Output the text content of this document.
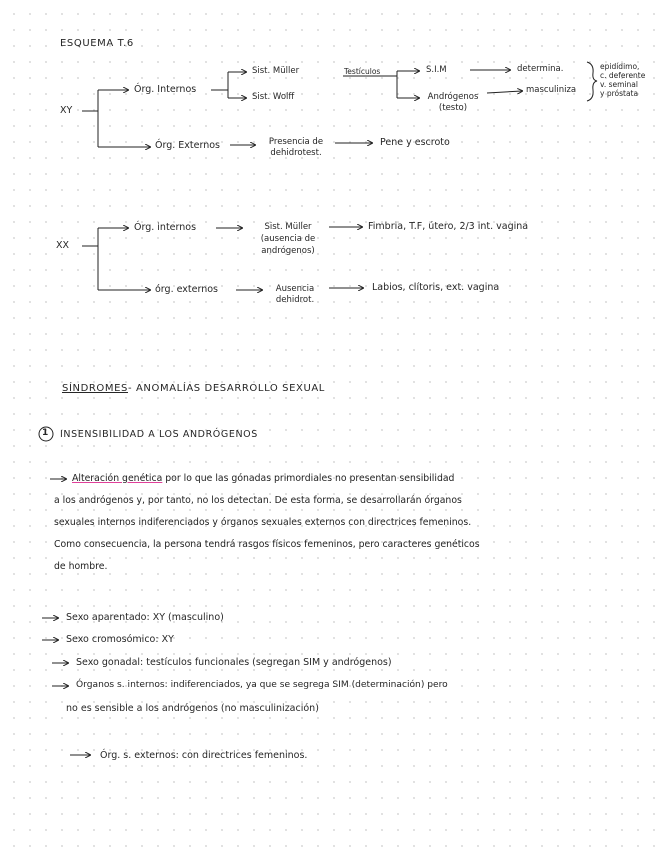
ESQUEMA T.6
XY
Órg. Internos
Sist. Müller
Sist. Wolff
Testículos	S.I.M	determina.
Andrógenos
(testo)
masculiniza
epidídimo,
c. deferente
v. seminal
y próstata
Órg. Externos	Presencia de
dehidrotest.
Pene y escroto
XX
Órg. internos	Sist. Müller
(ausencia de
andrógenos)
Fimbria, T.F, útero, 2/3 int. vagina
órg. externos	Ausencia
dehidrot.
Labios, clítoris, ext. vagina
SÍNDROMES- ANOMALÍAS DESARROLLO SEXUAL
1 INSENSIBILIDAD A LOS ANDRÓGENOS
Alteración genética por lo que las gónadas primordiales no presentan sensibilidad
a los andrógenos y, por tanto, no los detectan. De esta forma, se desarrollarán órganos
sexuales internos indiferenciados y órganos sexuales externos con directrices femeninos.
Como consecuencia, la persona tendrá rasgos físicos femeninos, pero caracteres genéticos
de hombre.
Sexo aparentado: XY (masculino)
Sexo cromosómico: XY
Sexo gonadal: testículos funcionales (segregan SIM y andrógenos)
Órganos s. internos: indiferenciados, ya que se segrega SIM (determinación) pero
no es sensible a los andrógenos (no masculinización)
Órg. s. externos: con directrices femeninos.
